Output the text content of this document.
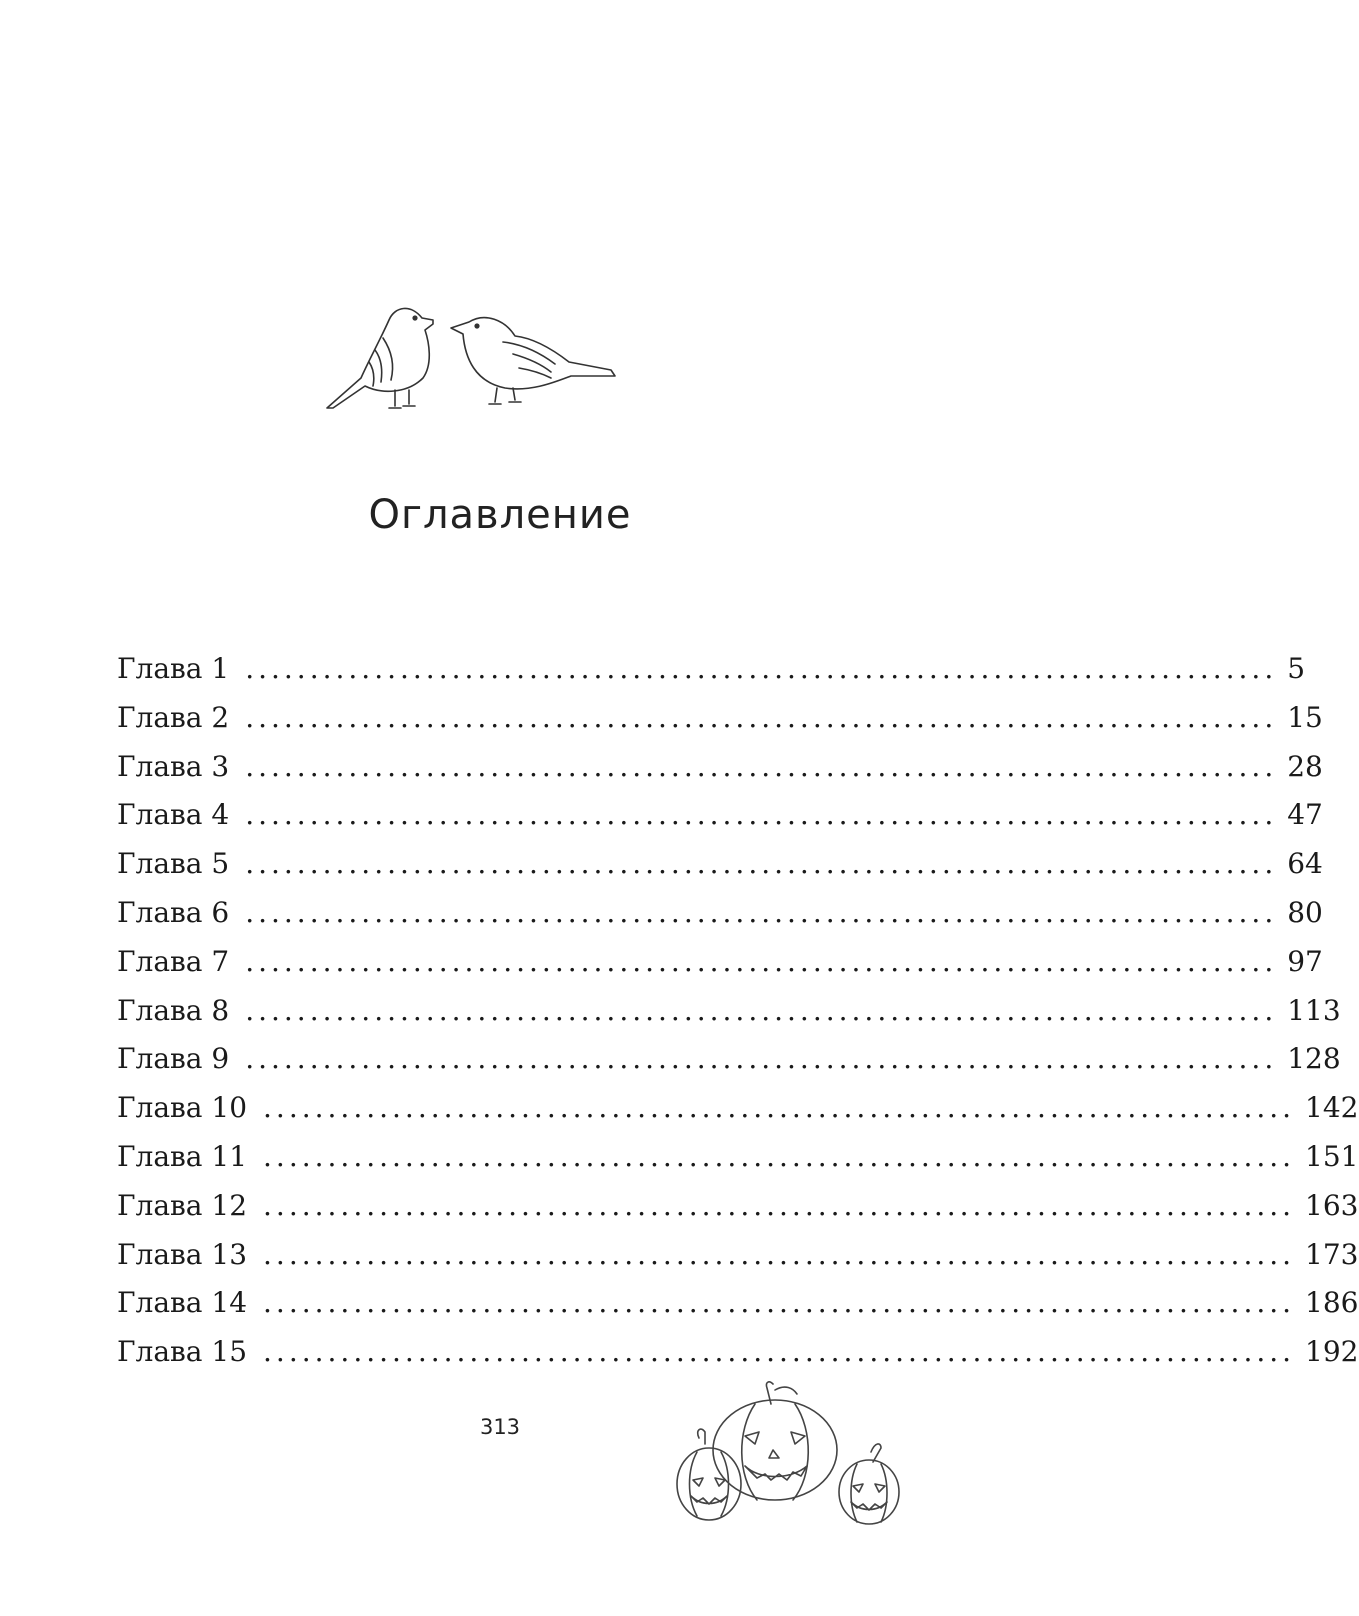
Оглавление
Глава 1 ................................................................................ 5
Глава 2 ................................................................................ 15
Глава 3 ................................................................................ 28
Глава 4 ................................................................................ 47
Глава 5 ................................................................................ 64
Глава 6 ................................................................................ 80
Глава 7 ................................................................................ 97
Глава 8 ................................................................................ 113
Глава 9 ................................................................................ 128
Глава 10 ................................................................................ 142
Глава 11 ................................................................................ 151
Глава 12 ................................................................................ 163
Глава 13 ................................................................................ 173
Глава 14 ................................................................................ 186
Глава 15 ................................................................................ 192
313
